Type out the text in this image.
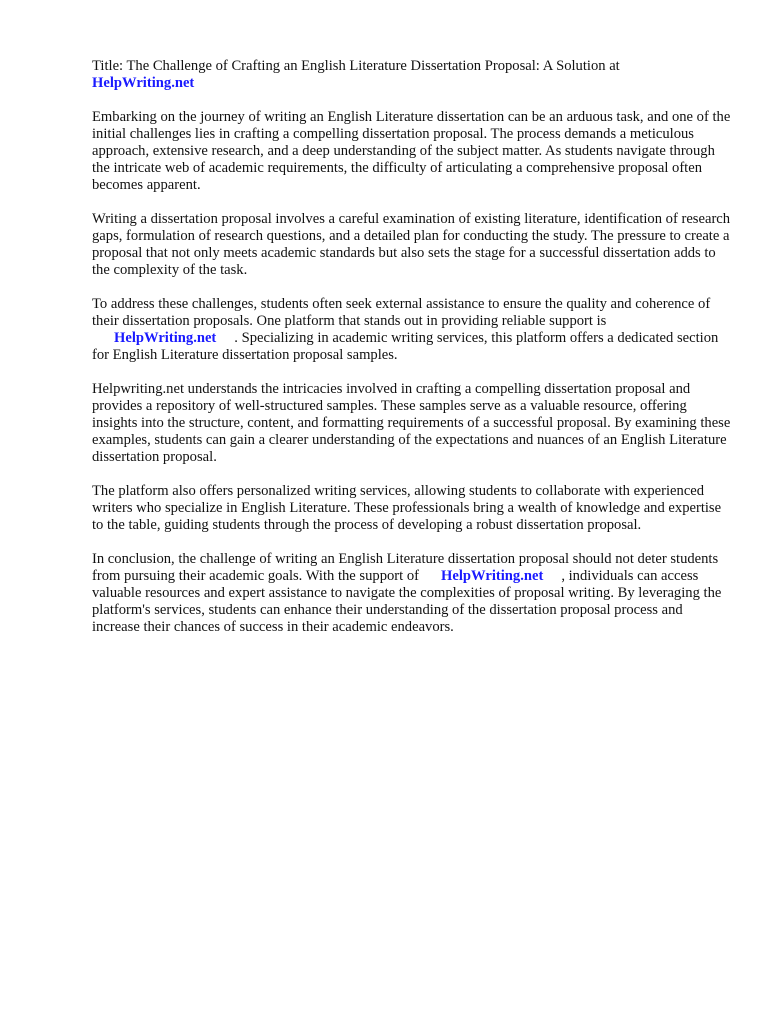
Title: The Challenge of Crafting an English Literature Dissertation Proposal: A Solution at
HelpWriting.net

Embarking on the journey of writing an English Literature dissertation can be an arduous task, and one of the initial challenges lies in crafting a compelling dissertation proposal. The process demands a meticulous approach, extensive research, and a deep understanding of the subject matter. As students navigate through the intricate web of academic requirements, the difficulty of articulating a comprehensive proposal often becomes apparent.

Writing a dissertation proposal involves a careful examination of existing literature, identification of research gaps, formulation of research questions, and a detailed plan for conducting the study. The pressure to create a proposal that not only meets academic standards but also sets the stage for a successful dissertation adds to the complexity of the task.

To address these challenges, students often seek external assistance to ensure the quality and coherence of their dissertation proposals. One platform that stands out in providing reliable support is
HelpWriting.net . Specializing in academic writing services, this platform offers a dedicated section for English Literature dissertation proposal samples.

Helpwriting.net understands the intricacies involved in crafting a compelling dissertation proposal and provides a repository of well-structured samples. These samples serve as a valuable resource, offering insights into the structure, content, and formatting requirements of a successful proposal. By examining these examples, students can gain a clearer understanding of the expectations and nuances of an English Literature dissertation proposal.

The platform also offers personalized writing services, allowing students to collaborate with experienced writers who specialize in English Literature. These professionals bring a wealth of knowledge and expertise to the table, guiding students through the process of developing a robust dissertation proposal.

In conclusion, the challenge of writing an English Literature dissertation proposal should not deter students from pursuing their academic goals. With the support of HelpWriting.net , individuals can access valuable resources and expert assistance to navigate the complexities of proposal writing. By leveraging the platform's services, students can enhance their understanding of the dissertation proposal process and increase their chances of success in their academic endeavors.
